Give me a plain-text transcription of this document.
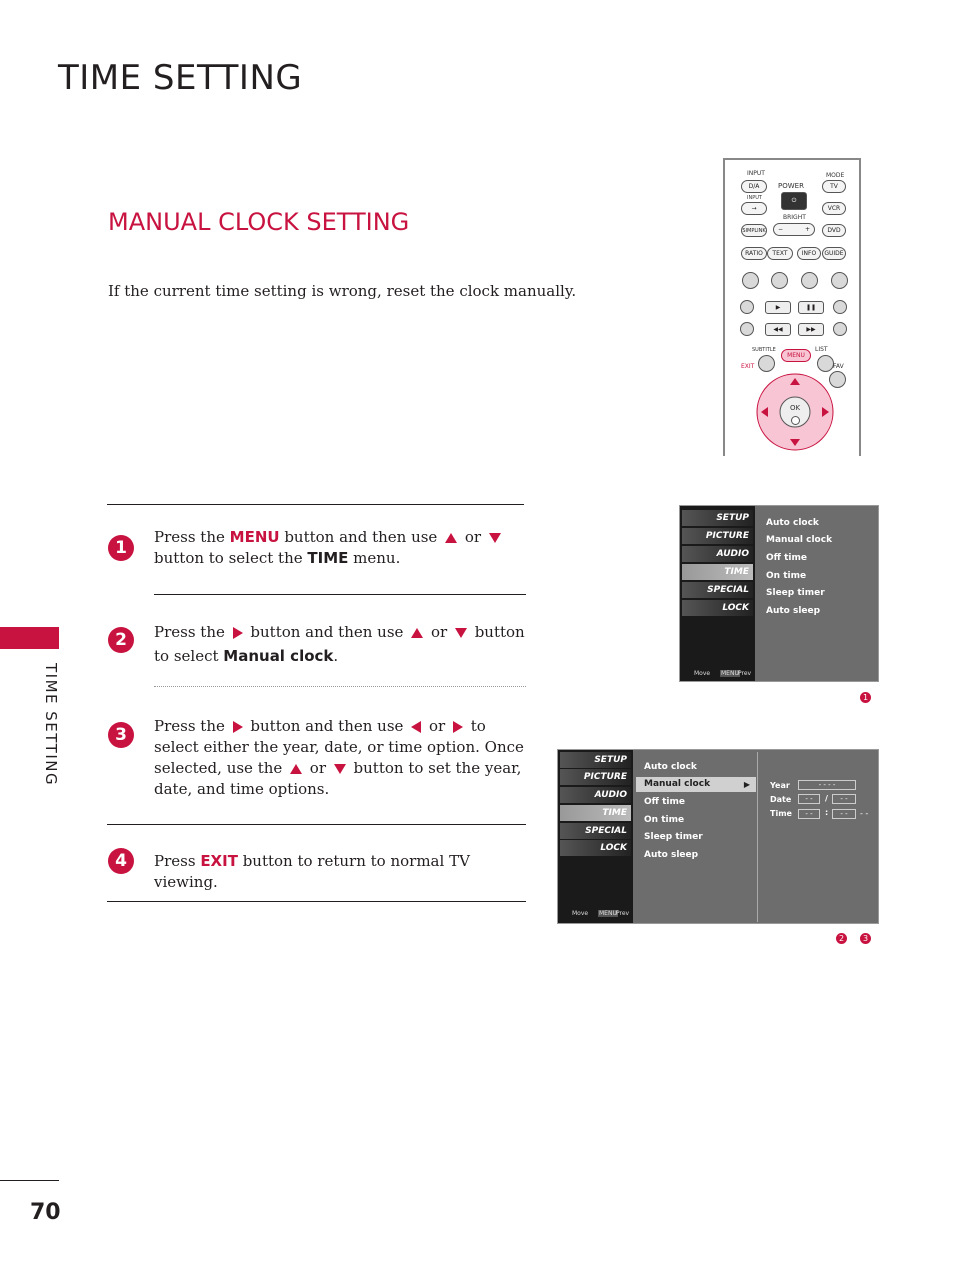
TIME SETTING
TIME SETTING
70
MANUAL CLOCK SETTING
If the current time setting is wrong, reset the clock manually.
INPUT	MODE
D/A	POWER	TV
INPUT	⏻
→	VCR
BRIGHT
SIMPLINK −	+	DVD
RATIO	TEXT	INFO	GUIDE
▶	❚❚
◀◀	▶▶
SUBTITLE	LIST
MENU
EXIT	FAV
OK
1
Press the MENU button and then use  or  button to select the TIME menu.
2	Press the  button and then use  or  button to select Manual clock.
3	Press the  button and then use  or  to select either the year, date, or time option. Once selected, use the  or  button to set the year, date, and time options.
4	Press EXIT button to return to normal TV viewing.
SETUP
PICTURE
AUDIO
TIME
SPECIAL
LOCK
Move MENU Prev
Auto clock
Manual clock
Off time
On time
Sleep timer
Auto sleep
1
SETUP
PICTURE
AUDIO
TIME
SPECIAL
LOCK
Move MENU Prev
Auto clock
Manual clock	▶
Off time
On time
Sleep timer
Auto sleep
Year	- - - -
Date	- -	/	- -
Time	- -	:	- -	- -
2	3
